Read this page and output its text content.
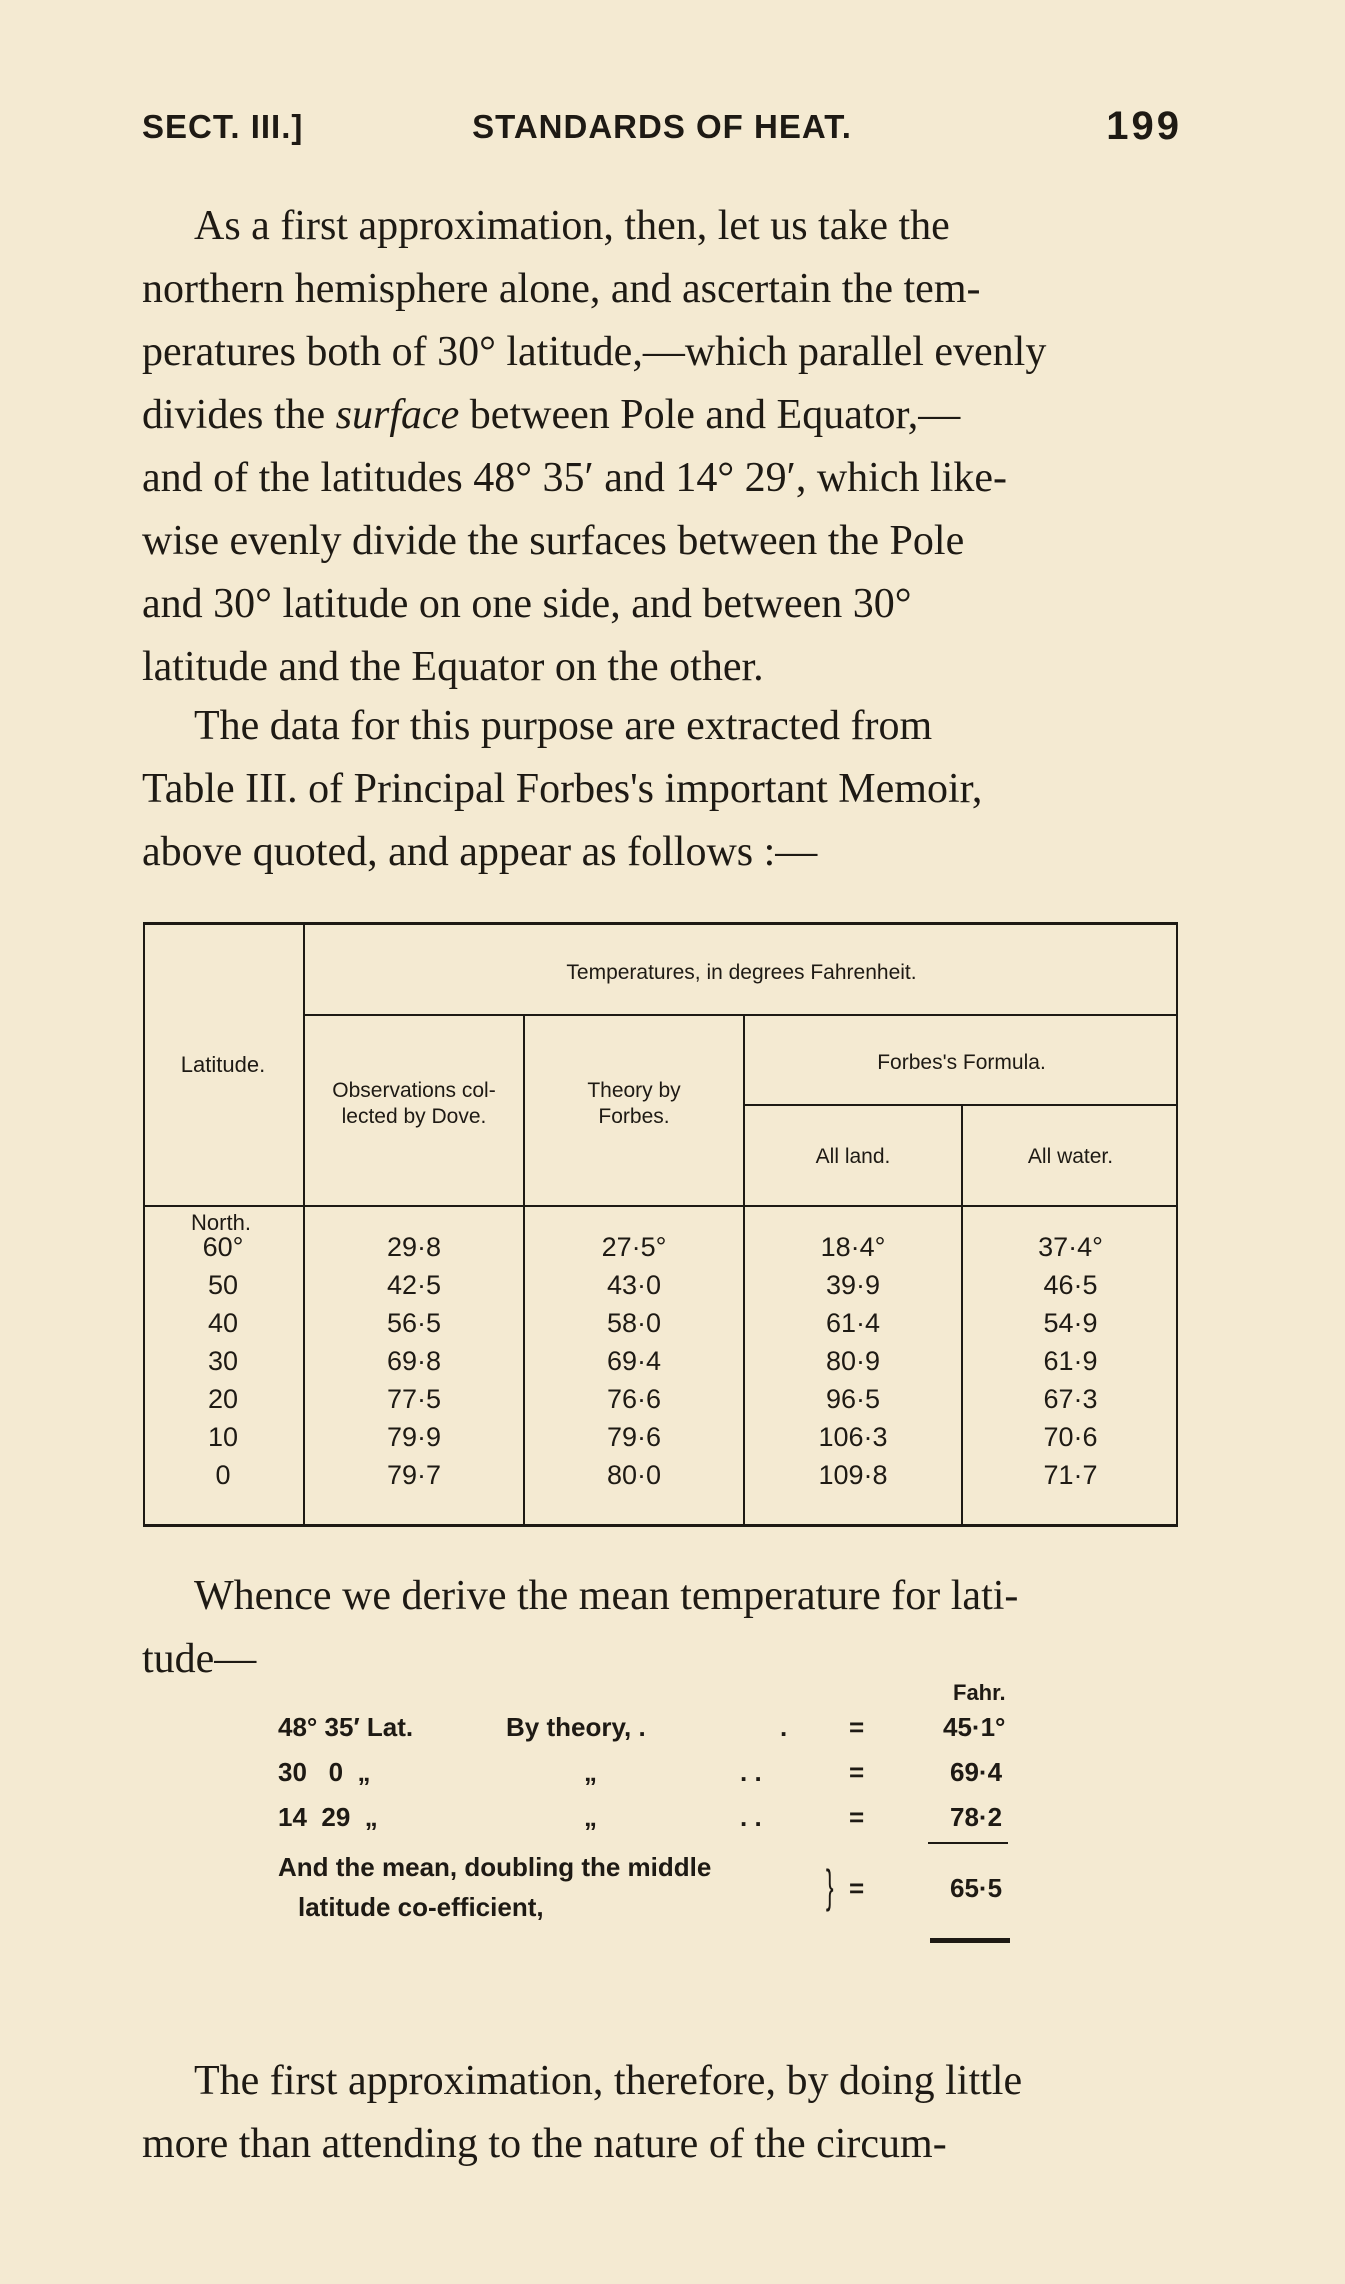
SECT. III.]	STANDARDS OF HEAT.	199
As a first approximation, then, let us take the
northern hemisphere alone, and ascertain the tem-
peratures both of 30° latitude,—which parallel evenly
divides the surface between Pole and Equator,—
and of the latitudes 48° 35′ and 14° 29′, which like-
wise evenly divide the surfaces between the Pole
and 30° latitude on one side, and between 30°
latitude and the Equator on the other.
The data for this purpose are extracted from
Table III. of Principal Forbes's important Memoir,
above quoted, and appear as follows :—
Latitude.
Temperatures, in degrees Fahrenheit.
Observations col-
lected by Dove.
Theory by
Forbes.
Forbes's Formula.
All land.	All water.
North.
60°	29·8	27·5°	18·4°	37·4°
50	42·5	43·0	39·9	46·5
40	56·5	58·0	61·4	54·9
30	69·8	69·4	80·9	61·9
20	77·5	76·6	96·5	67·3
10	79·9	79·6	106·3	70·6
0	79·7	80·0	109·8	71·7
Whence we derive the mean temperature for lati-
tude—
Fahr.
48° 35′ Lat.	By theory, .	. =	45·1°
30   0  „	„	. .	=	69·4
14  29  „	„	. .	=	78·2
And the mean, doubling the middle
latitude co-efficient,	} =	65·5
The first approximation, therefore, by doing little
more than attending to the nature of the circum-
